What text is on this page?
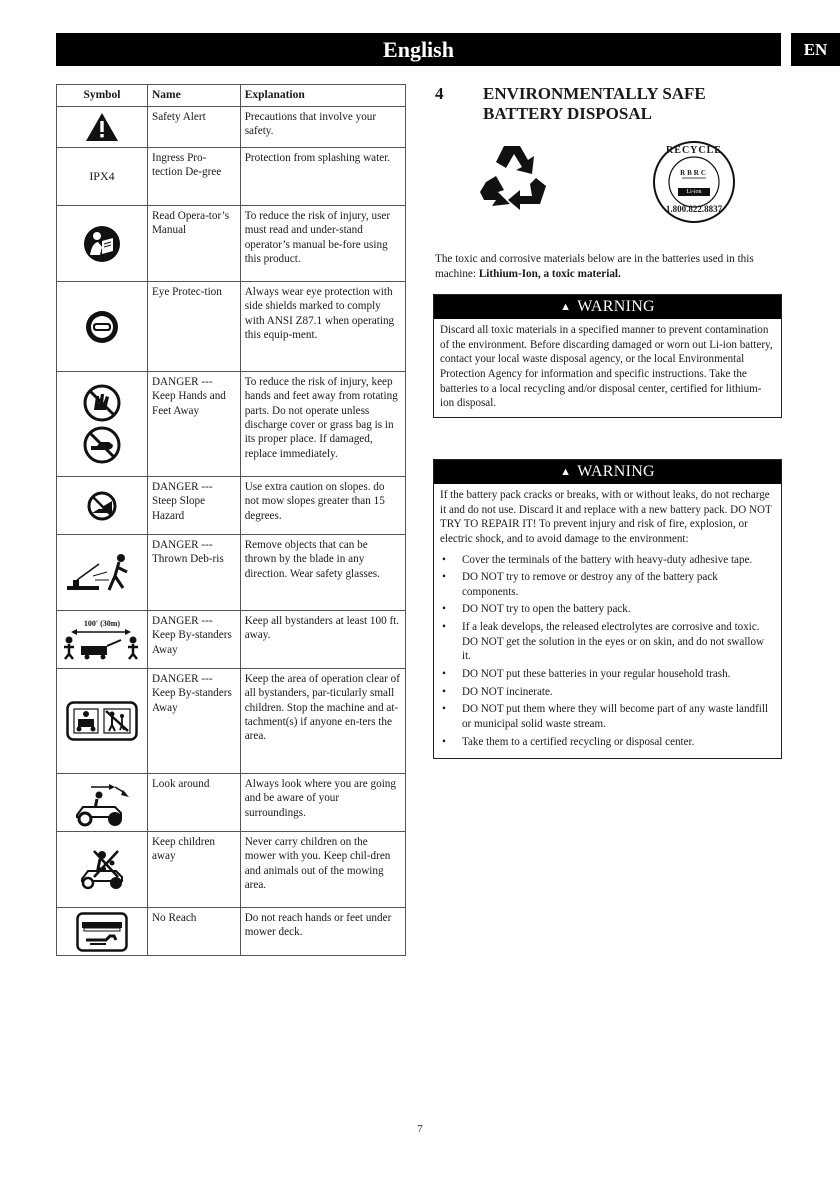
English	EN
Symbol	Name	Explanation

	Safety Alert	Precautions that involve your safety.
IPX4	Ingress Pro-tection De-gree	Protection from splashing water.

	Read Opera-tor’s Manual	To reduce the risk of injury, user must read and under-stand operator’s manual be-fore using this product.

	Eye Protec-tion	Always wear eye protection with side shields marked to comply with ANSI Z87.1 when operating this equip-ment.

	DANGER --- Keep Hands and Feet Away	To reduce the risk of injury, keep hands and feet away from rotating parts. Do not operate unless discharge cover or grass bag is in its proper place. If damaged, replace immediately.

	DANGER --- Steep Slope Hazard	Use extra caution on slopes. do not mow slopes greater than 15 degrees.

	DANGER --- Thrown Deb-ris	Remove objects that can be thrown by the blade in any direction. Wear safety glasses.

100' (30m)	DANGER --- Keep By-standers Away	Keep all bystanders at least 100 ft. away.

	DANGER --- Keep By-standers Away	Keep the area of operation clear of all bystanders, par-ticularly small children. Stop the machine and at-tachment(s) if anyone en-ters the area.

	Look around	Always look where you are going and be aware of your surroundings.

	Keep children away	Never carry children on the mower with you. Keep chil-dren and animals out of the mowing area.

	No Reach	Do not reach hands or feet under mower deck.
4	ENVIRONMENTALLY SAFE BATTERY DISPOSAL
RECYCLE
RBRC
Li-ion
1.800.822.8837
The toxic and corrosive materials below are in the batteries used in this machine: Lithium-Ion, a toxic material.
▲ WARNING
Discard all toxic materials in a specified manner to prevent contamination of the environment. Before discarding damaged or worn out Li-ion battery, contact your local waste disposal agency, or the local Environmental Protection Agency for information and specific instructions. Take the batteries to a local recycling and/or disposal center, certified for lithium-ion disposal.
▲ WARNING
If the battery pack cracks or breaks, with or without leaks, do not recharge it and do not use. Discard it and replace with a new battery pack. DO NOT TRY TO REPAIR IT! To prevent injury and risk of fire, explosion, or electric shock, and to avoid damage to the environment:
• Cover the terminals of the battery with heavy-duty adhesive tape.
• DO NOT try to remove or destroy any of the battery pack components.
• DO NOT try to open the battery pack.
• If a leak develops, the released electrolytes are corrosive and toxic. DO NOT get the solution in the eyes or on skin, and do not swallow it.
• DO NOT put these batteries in your regular household trash.
• DO NOT incinerate.
• DO NOT put them where they will become part of any waste landfill or municipal solid waste stream.
• Take them to a certified recycling or disposal center.
7
